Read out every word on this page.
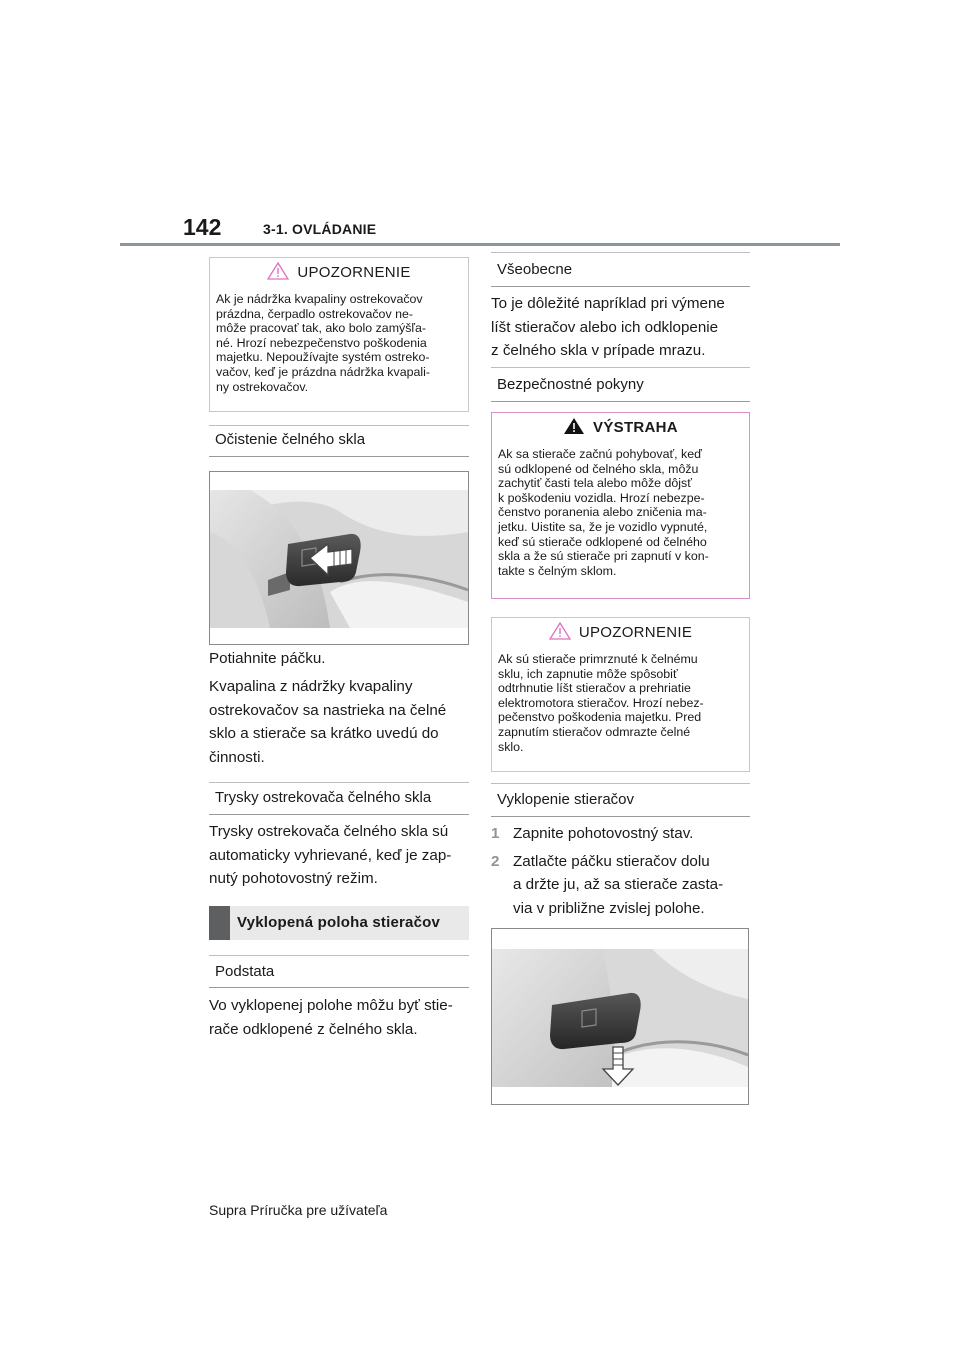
142	3-1. OVLÁDANIE
UPOZORNENIE
Ak je nádržka kvapaliny ostrekovačov
prázdna, čerpadlo ostrekovačov ne-
môže pracovať tak, ako bolo zamýšľa-
né. Hrozí nebezpečenstvo poškodenia
majetku. Nepoužívajte systém ostreko-
vačov, keď je prázdna nádržka kvapali-
ny ostrekovačov.
Očistenie čelného skla

Potiahnite páčku.

Kvapalina z nádržky kvapaliny

ostrekovačov sa nastrieka na čelné

sklo a stierače sa krátko uvedú do

činnosti.

Trysky ostrekovača čelného skla

Trysky ostrekovača čelného skla sú

automaticky vyhrievané, keď je zap-

nutý pohotovostný režim.

Vyklopená poloha stieračov
Podstata

Vo vyklopenej polohe môžu byť stie-

rače odklopené z čelného skla.

Všeobecne

To je dôležité napríklad pri výmene

líšt stieračov alebo ich odklopenie

z čelného skla v prípade mrazu.

Bezpečnostné pokyny
VÝSTRAHA
Ak sa stierače začnú pohybovať, keď
sú odklopené od čelného skla, môžu
zachytiť časti tela alebo môže dôjsť
k poškodeniu vozidla. Hrozí nebezpe-
čenstvo poranenia alebo zničenia ma-
jetku. Uistite sa, že je vozidlo vypnuté,
keď sú stierače odklopené od čelného
skla a že sú stierače pri zapnutí v kon-
takte s čelným sklom.
UPOZORNENIE
Ak sú stierače primrznuté k čelnému
sklu, ich zapnutie môže spôsobiť
odtrhnutie líšt stieračov a prehriatie
elektromotora stieračov. Hrozí nebez-
pečenstvo poškodenia majetku. Pred
zapnutím stieračov odmrazte čelné
sklo.
Vyklopenie stieračov
1 Zapnite pohotovostný stav.
2 Zatlačte páčku stieračov dolu
a držte ju, až sa stierače zasta-
via v približne zvislej polohe.
Supra Príručka pre užívateľa
